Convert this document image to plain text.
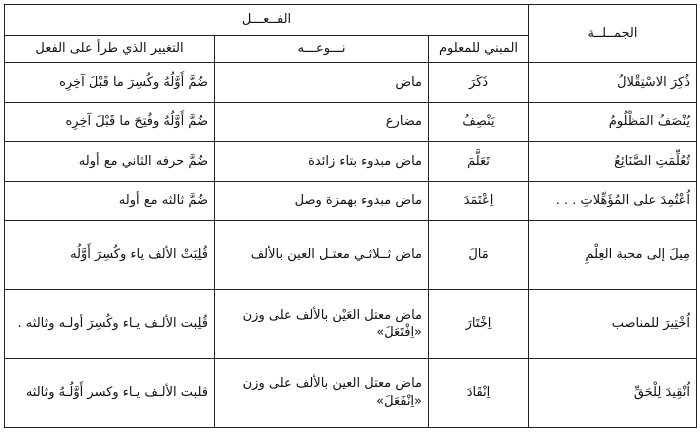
الجمــلــة	الفــعـــل		
	المبني للمعلوم	نـــوعـــه	التغيير الذي طرأ على الفعل
ذُكِرَ الاسْتِقْلالُ	ذَكَرَ	ماض	ضُمَّ أَوَّلُهُ وكُسِرَ ما قَبْلَ آخِرِه
يُنْصَفُ المَظْلُومُ	يَنْصِفُ	مضارع	ضُمَّ أَوَّلُهُ وفُتِحَ ما قَبْلَ آخِرِه
تُعُلِّمَتِ الصَّنَائِعُ	تَعَلَّمَ	ماض مبدوء بتاء زائدة	ضُمَّ حرفه الثاني مع أوله
اُعْتُمِدَ على المُؤَهِّلاتِ . . .	اِعْتَمَدَ	ماض مبدوء بهمزة وصل	ضُمَّ ثالثه مع أوله
مِيلَ إلى محبة العِلْمِ	مَالَ	ماض ثــلاثـي معتـل العين بالألف	قُلِبَتْ الألف ياء وكُسِرَ أَوَّلُه
اُخْتِيرَ للمناصب	اِخْتَارَ	ماض معتل العَيْن بالألف على وزن «اِفْتَعَلَ»	قُلِبت الألـف يـاء وكُسِرَ أولـه وثالثه .
اُنْقِيدَ لِلْحَقِّ	اِنْقَادَ	ماض معتل العين بالألف على وزن «اِنْفَعَلَ»	قلبت الألـف يـاء وكسر أَوَّلُـهُ وثالثه
